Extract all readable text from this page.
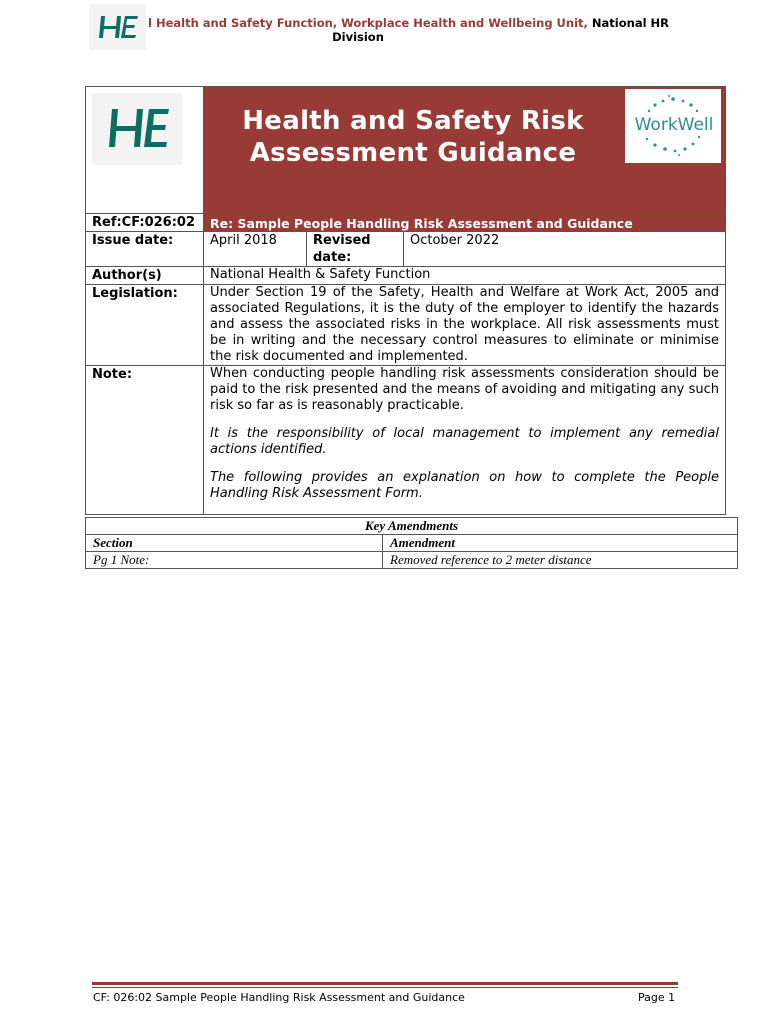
l Health and Safety Function, Workplace Health and Wellbeing Unit, National HR
Division

Health and Safety Risk Assessment Guidance
WorkWell		

Ref:CF:026:02	Re: Sample People Handling Risk Assessment and Guidance		
Issue date:	April 2018	Revised date:	October 2022
Author(s)	National Health & Safety Function		
Legislation:	Under Section 19 of the Safety, Health and Welfare at Work Act, 2005 and associated Regulations, it is the duty of the employer to identify the hazards and assess the associated risks in the workplace. All risk assessments must be in writing and the necessary control measures to eliminate or minimise the risk documented and implemented.		
Note:	When conducting people handling risk assessments consideration should be paid to the risk presented and the means of avoiding and mitigating any such risk so far as is reasonably practicable.

It is the responsibility of local management to implement any remedial actions identified.

The following provides an explanation on how to complete the People Handling Risk Assessment Form.		

Key Amendments	
Section	Amendment
Pg 1 Note:	Removed reference to 2 meter distance
CF: 026:02 Sample People Handling Risk Assessment and Guidance	Page 1
